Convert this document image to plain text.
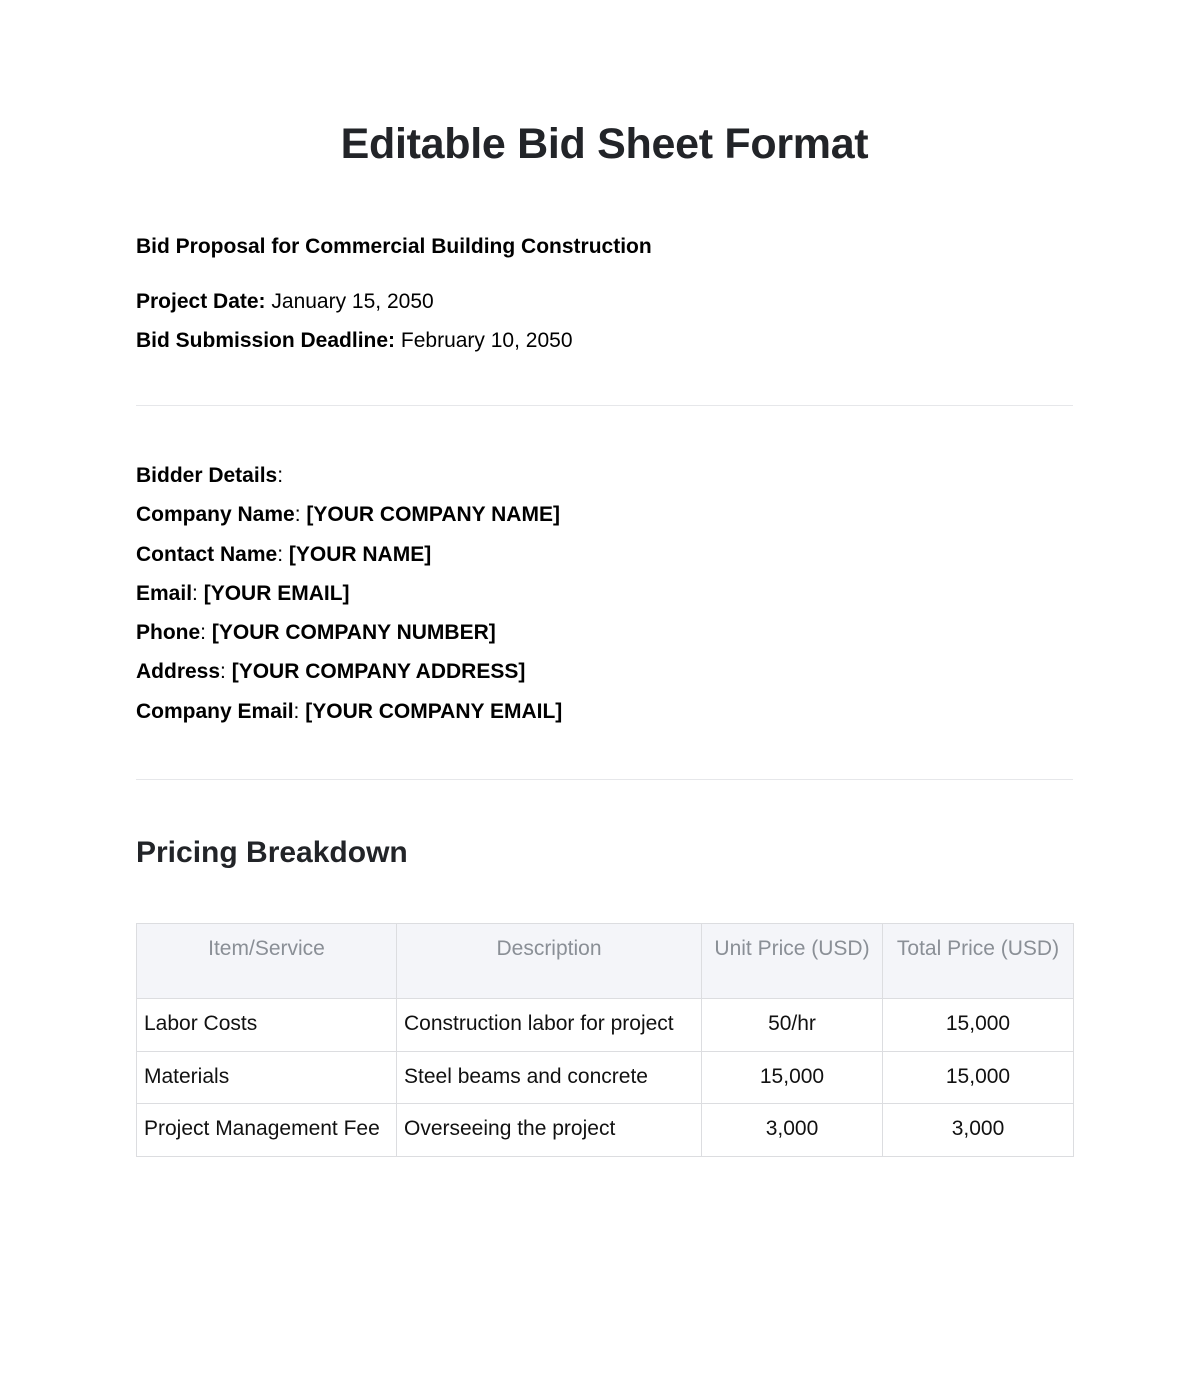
Editable Bid Sheet Format

Bid Proposal for Commercial Building Construction

Project Date: January 15, 2050
Bid Submission Deadline: February 10, 2050
Bidder Details:
Company Name: [YOUR COMPANY NAME]
Contact Name: [YOUR NAME]
Email: [YOUR EMAIL]
Phone: [YOUR COMPANY NUMBER]
Address: [YOUR COMPANY ADDRESS]
Company Email: [YOUR COMPANY EMAIL]
Pricing Breakdown
Item/Service	Description	Unit Price (USD)	Total Price (USD)
Labor Costs	Construction labor for project	50/hr	15,000
Materials	Steel beams and concrete	15,000	15,000
Project Management Fee	Overseeing the project	3,000	3,000
